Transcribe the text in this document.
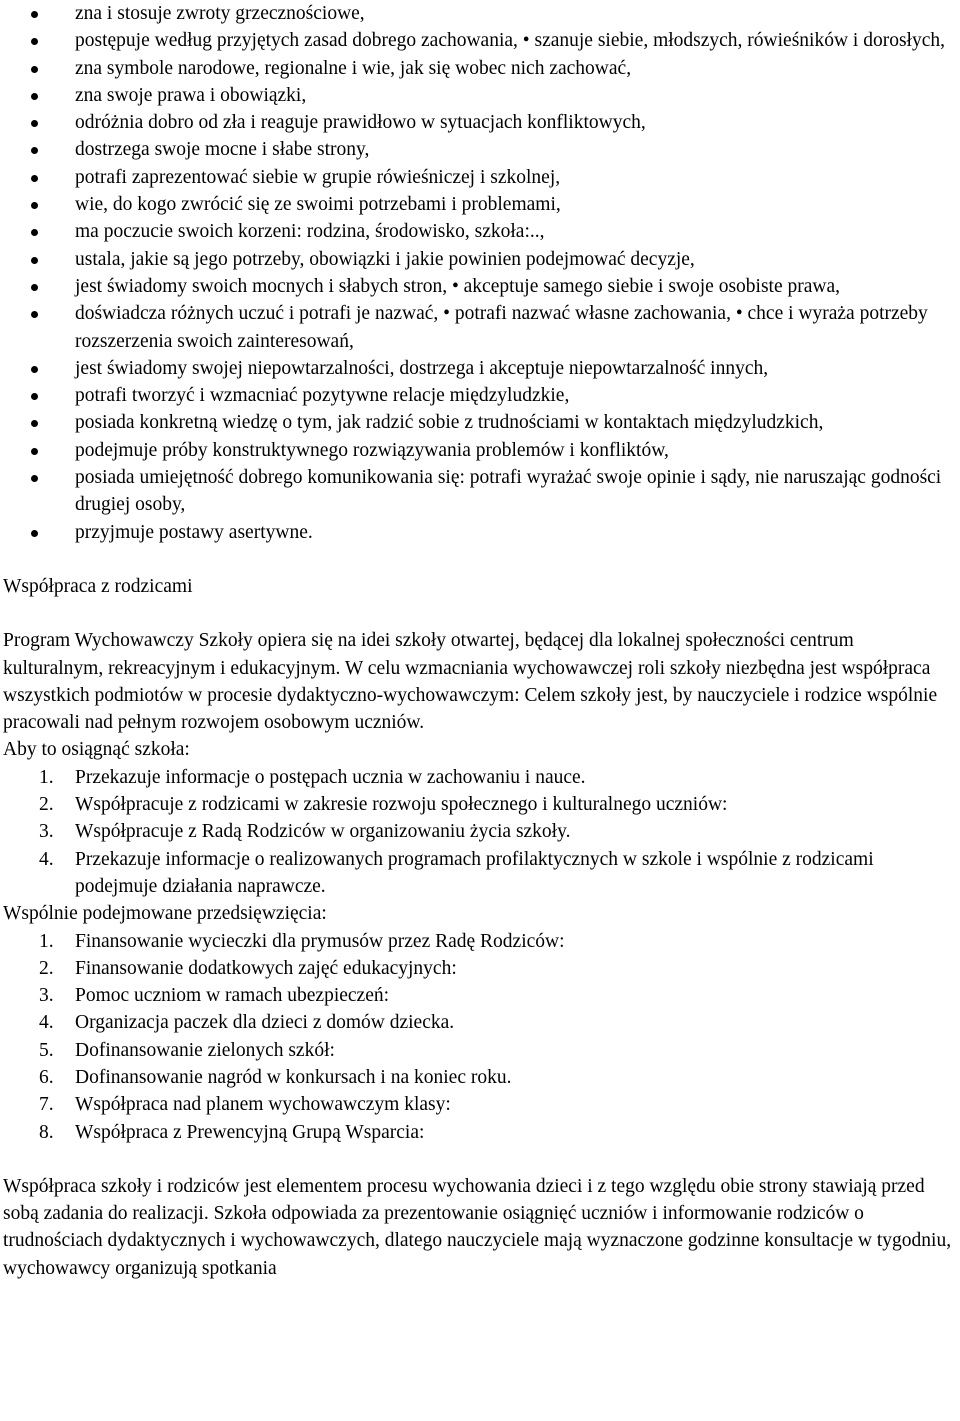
zna i stosuje zwroty grzecznościowe,
postępuje według przyjętych zasad dobrego zachowania, • szanuje siebie, młodszych, rówieśników i dorosłych,
zna symbole narodowe, regionalne i wie, jak się wobec nich zachować,
zna swoje prawa i obowiązki,
odróżnia dobro od zła i reaguje prawidłowo w sytuacjach konfliktowych,
dostrzega swoje mocne i słabe strony,
potrafi zaprezentować siebie w grupie rówieśniczej i szkolnej,
wie, do kogo zwrócić się ze swoimi potrzebami i problemami,
ma poczucie swoich korzeni: rodzina, środowisko, szkoła:..,
ustala, jakie są jego potrzeby, obowiązki i jakie powinien podejmować decyzje,
jest świadomy swoich mocnych i słabych stron, • akceptuje samego siebie i swoje osobiste prawa,
doświadcza różnych uczuć i potrafi je nazwać, • potrafi nazwać własne zachowania, • chce i wyraża potrzeby rozszerzenia swoich zainteresowań,
jest świadomy swojej niepowtarzalności, dostrzega i akceptuje niepowtarzalność innych,
potrafi tworzyć i wzmacniać pozytywne relacje międzyludzkie,
posiada konkretną wiedzę o tym, jak radzić sobie z trudnościami w kontaktach międzyludzkich,
podejmuje próby konstruktywnego rozwiązywania problemów i konfliktów,
posiada umiejętność dobrego komunikowania się: potrafi wyrażać swoje opinie i sądy, nie naruszając godności drugiej osoby,
przyjmuje postawy asertywne.

Współpraca z rodzicami

Program Wychowawczy Szkoły opiera się na idei szkoły otwartej, będącej dla lokalnej społeczności centrum kulturalnym, rekreacyjnym i edukacyjnym. W celu wzmacniania wychowawczej roli szkoły niezbędna jest współpraca wszystkich podmiotów w procesie dydaktyczno-wychowawczym: Celem szkoły jest, by nauczyciele i rodzice wspólnie pracowali nad pełnym rozwojem osobowym uczniów.

Aby to osiągnąć szkoła:

1. Przekazuje informacje o postępach ucznia w zachowaniu i nauce.
2. Współpracuje z rodzicami w zakresie rozwoju społecznego i kulturalnego uczniów:
3. Współpracuje z Radą Rodziców w organizowaniu życia szkoły.
4. Przekazuje informacje o realizowanych programach profilaktycznych w szkole i wspólnie z rodzicami podejmuje działania naprawcze.

Wspólnie podejmowane przedsięwzięcia:

1. Finansowanie wycieczki dla prymusów przez Radę Rodziców:
2. Finansowanie dodatkowych zajęć edukacyjnych:
3. Pomoc uczniom w ramach ubezpieczeń:
4. Organizacja paczek dla dzieci z domów dziecka.
5. Dofinansowanie zielonych szkół:
6. Dofinansowanie nagród w konkursach i na koniec roku.
7. Współpraca nad planem wychowawczym klasy:
8. Współpraca z Prewencyjną Grupą Wsparcia:

Współpraca szkoły i rodziców jest elementem procesu wychowania dzieci i z tego względu obie strony stawiają przed sobą zadania do realizacji. Szkoła odpowiada za prezentowanie osiągnięć uczniów i informowanie rodziców o trudnościach dydaktycznych i wychowawczych, dlatego nauczyciele mają wyznaczone godzinne konsultacje w tygodniu, wychowawcy organizują spotkania
